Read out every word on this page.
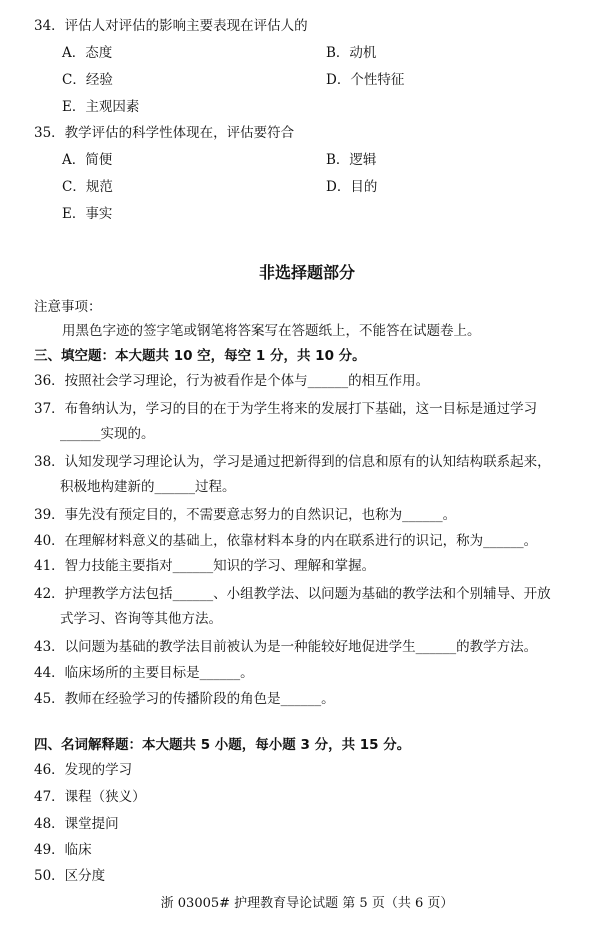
34．评估人对评估的影响主要表现在评估人的
A．态度	B．动机
C．经验	D．个性特征
E．主观因素
35．教学评估的科学性体现在，评估要符合
A．简便	B．逻辑
C．规范	D．目的
E．事实
非选择题部分
注意事项：
用黑色字迹的签字笔或钢笔将答案写在答题纸上，不能答在试题卷上。
三、填空题：本大题共 10 空，每空 1 分，共 10 分。
36．按照社会学习理论，行为被看作是个体与______的相互作用。
37．布鲁纳认为，学习的目的在于为学生将来的发展打下基础，这一目标是通过学习
______实现的。
38．认知发现学习理论认为，学习是通过把新得到的信息和原有的认知结构联系起来，
积极地构建新的______过程。
39．事先没有预定目的，不需要意志努力的自然识记，也称为______。
40．在理解材料意义的基础上，依靠材料本身的内在联系进行的识记，称为______。
41．智力技能主要指对______知识的学习、理解和掌握。
42．护理教学方法包括______、小组教学法、以问题为基础的教学法和个别辅导、开放
式学习、咨询等其他方法。
43．以问题为基础的教学法目前被认为是一种能较好地促进学生______的教学方法。
44．临床场所的主要目标是______。
45．教师在经验学习的传播阶段的角色是______。
四、名词解释题：本大题共 5 小题，每小题 3 分，共 15 分。
46．发现的学习
47．课程（狭义）
48．课堂提问
49．临床
50．区分度
浙 03005# 护理教育导论试题 第 5 页（共 6 页）
